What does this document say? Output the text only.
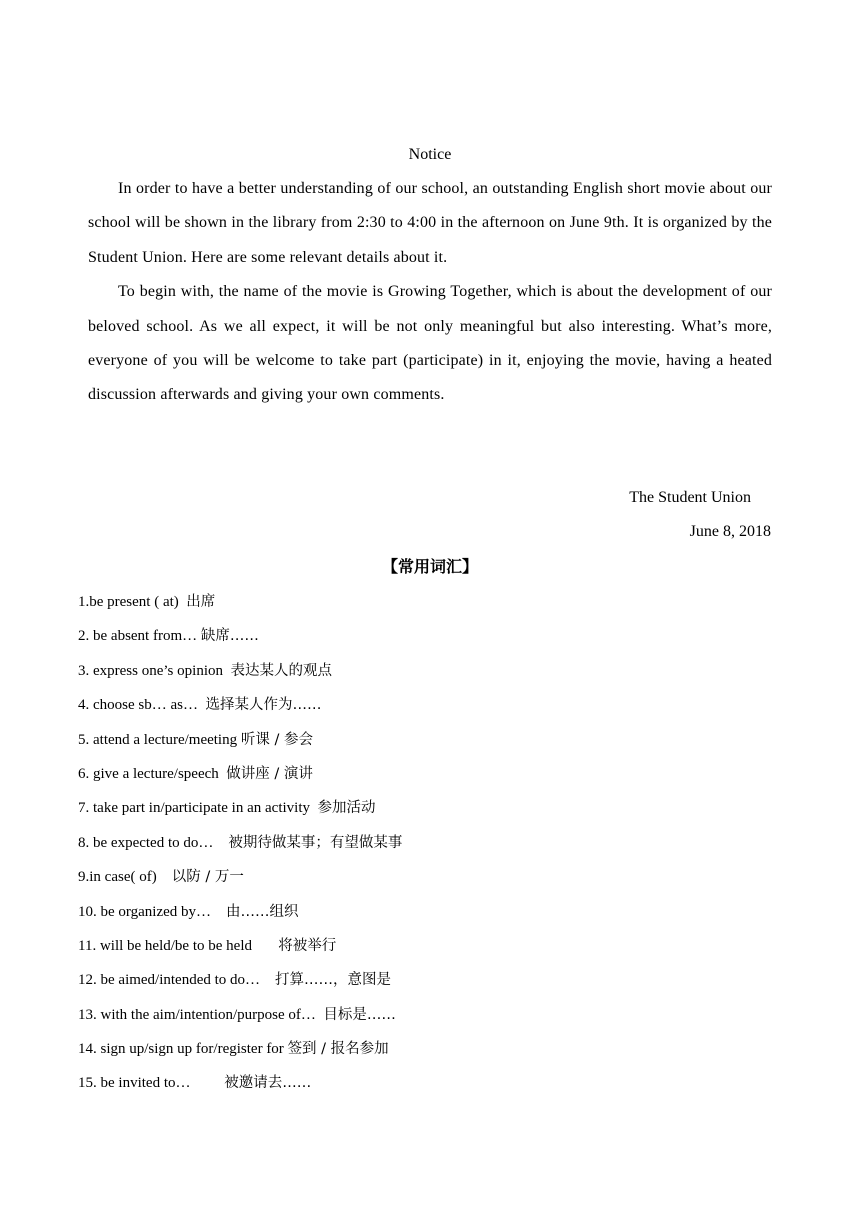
Notice

In order to have a better understanding of our school, an outstanding English short movie about our school will be shown in the library from 2:30 to 4:00 in the afternoon on June 9th. It is organized by the Student Union. Here are some relevant details about it.

To begin with, the name of the movie is Growing Together, which is about the development of our beloved school. As we all expect, it will be not only meaningful but also interesting. What’s more, everyone of you will be welcome to take part (participate) in it, enjoying the movie, having a heated discussion afterwards and giving your own comments.

The Student Union
June 8, 2018
【常用词汇】
1.be present ( at)  出席
2. be absent from… 缺席……
3. express one’s opinion  表达某人的观点
4. choose sb… as…  选择某人作为……
5. attend a lecture/meeting 听课 / 参会
6. give a lecture/speech  做讲座 / 演讲
7. take part in/participate in an activity  参加活动
8. be expected to do…    被期待做某事；有望做某事
9.in case( of)    以防 / 万一
10. be organized by…    由……组织
11. will be held/be to be held       将被举行
12. be aimed/intended to do…    打算……，意图是
13. with the aim/intention/purpose of…  目标是……
14. sign up/sign up for/register for 签到 / 报名参加
15. be invited to…         被邀请去……
